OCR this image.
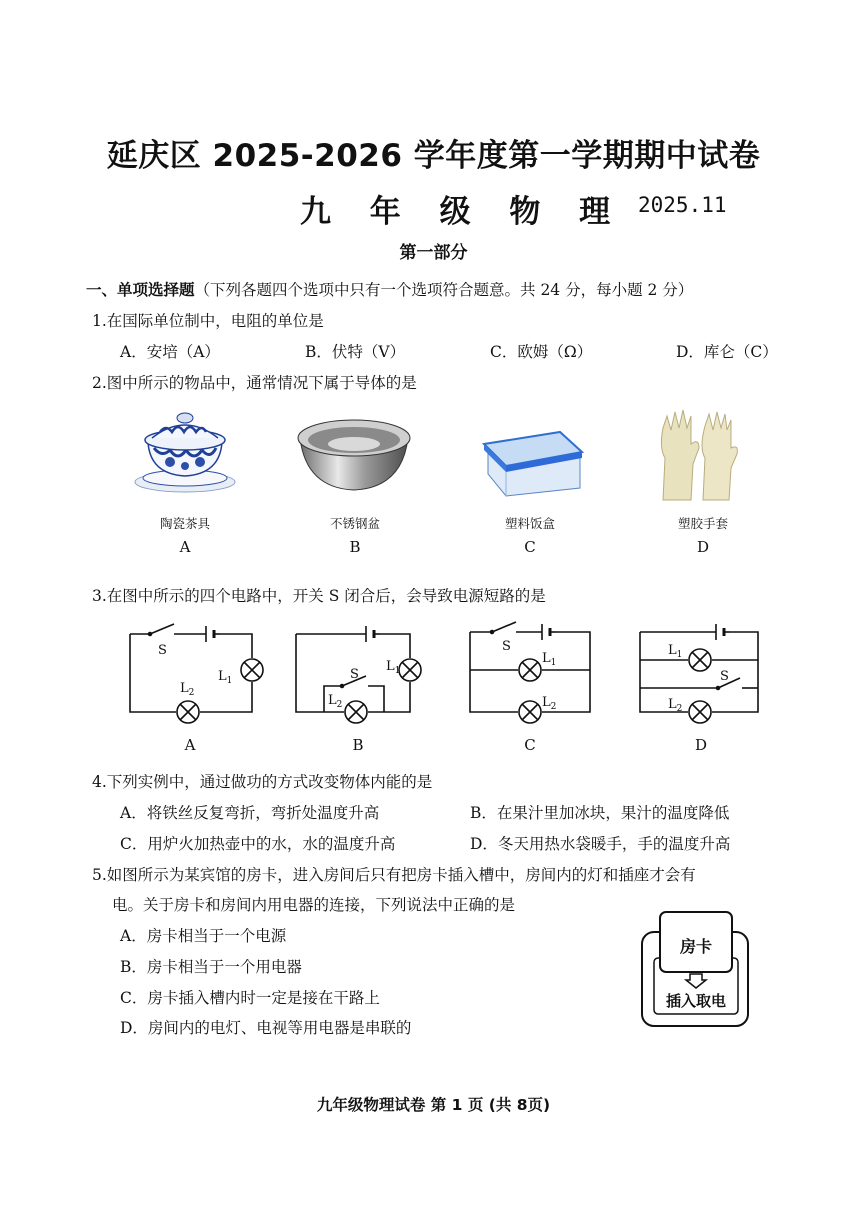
延庆区 2025-2026 学年度第一学期期中试卷
九 年 级 物 理 2025.11
第一部分
一、单项选择题（下列各题四个选项中只有一个选项符合题意。共 24 分，每小题 2 分）
1.在国际单位制中，电阻的单位是
A．安培（A）	B．伏特（V）	C．欧姆（Ω）	D．库仑（C）
2.图中所示的物品中，通常情况下属于导体的是
陶瓷茶具	不锈钢盆	塑料饭盒	塑胶手套
A	B	C	D
3.在图中所示的四个电路中，开关 S 闭合后，会导致电源短路的是
S
$L_1$
$L_2$
S
$L_1$
$L_2$
S
$L_1$
$L_2$
$L_1$
S
$L_2$
A	B	C	D
4.下列实例中，通过做功的方式改变物体内能的是
A．将铁丝反复弯折，弯折处温度升高	B．在果汁里加冰块，果汁的温度降低
C．用炉火加热壶中的水，水的温度升高	D．冬天用热水袋暖手，手的温度升高
5.如图所示为某宾馆的房卡，进入房间后只有把房卡插入槽中，房间内的灯和插座才会有
电。关于房卡和房间内用电器的连接，下列说法中正确的是
A．房卡相当于一个电源
B．房卡相当于一个用电器
C．房卡插入槽内时一定是接在干路上
D．房间内的电灯、电视等用电器是串联的
房卡
插入取电
九年级物理试卷 第 1 页 (共 8页)
